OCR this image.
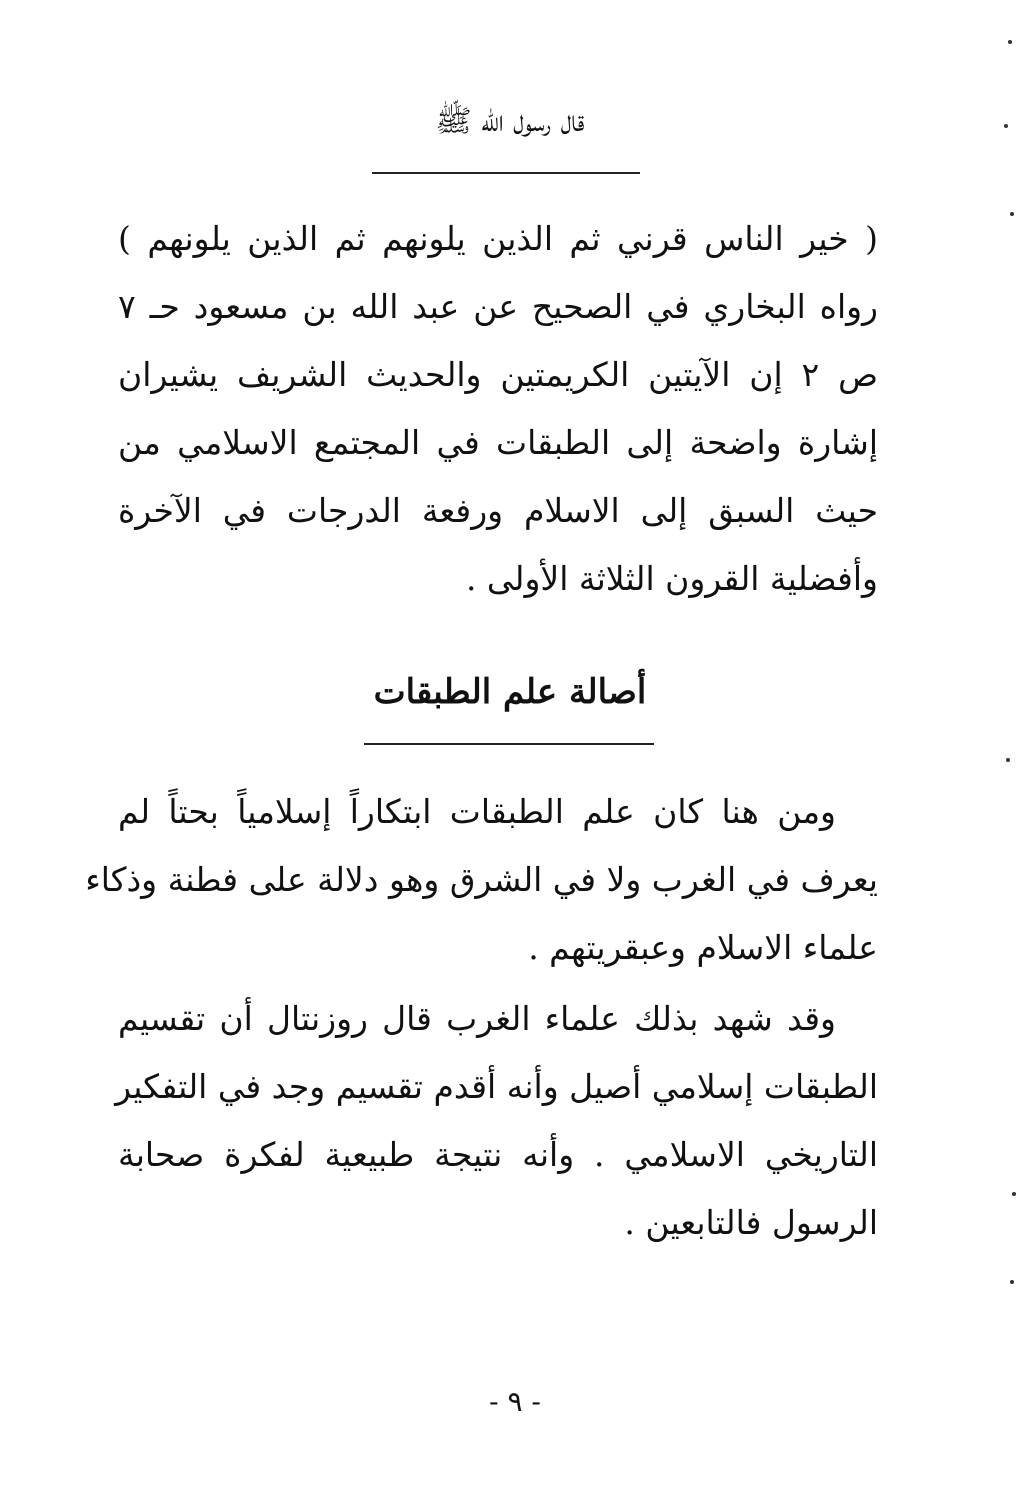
قال رسول الله ﷺ
( خير الناس قرني ثم الذين يلونهم ثم الذين يلونهم )
رواه البخاري في الصحيح عن عبد الله بن مسعود حـ ٧
ص ٢ إن الآيتين الكريمتين والحديث الشريف يشيران
إشارة واضحة إلى الطبقات في المجتمع الاسلامي من
حيث السبق إلى الاسلام ورفعة الدرجات في الآخرة
وأفضلية القرون الثلاثة الأولى .
أصالة علم الطبقات
ومن هنا كان علم الطبقات ابتكاراً إسلامياً بحتاً لم
يعرف في الغرب ولا في الشرق وهو دلالة على فطنة وذكاء
علماء الاسلام وعبقريتهم .
وقد شهد بذلك علماء الغرب قال روزنتال أن تقسيم
الطبقات إسلامي أصيل وأنه أقدم تقسيم وجد في التفكير
التاريخي الاسلامي . وأنه نتيجة طبيعية لفكرة صحابة
الرسول فالتابعين .
- ٩ -
